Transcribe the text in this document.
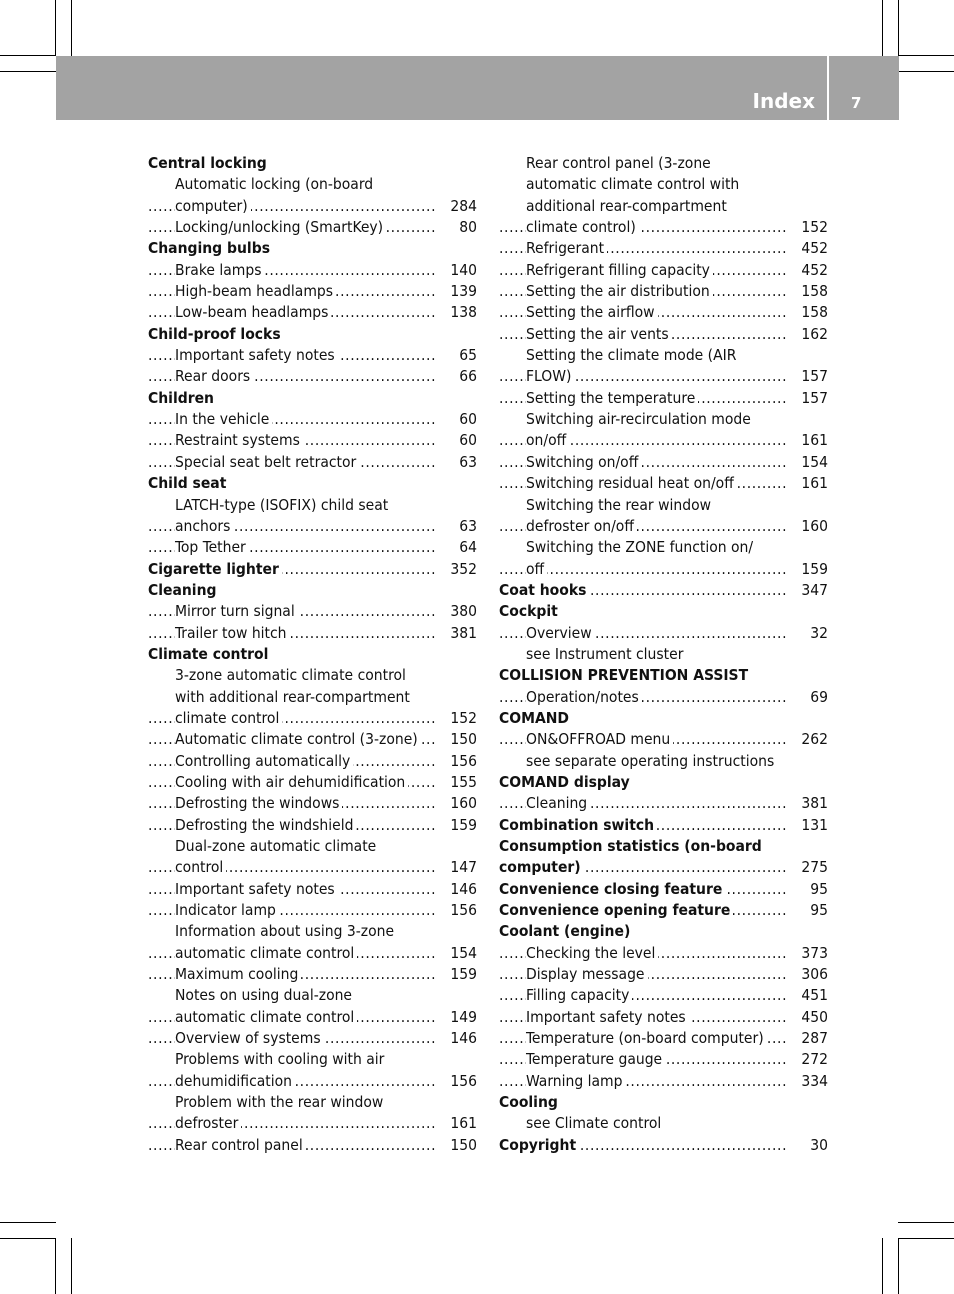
Index 7
Central locking
Automatic locking (on-board
. . . computer)	284
. . . Locking/unlocking (SmartKey)	80
Changing bulbs
. . . Brake lamps	140
. . . High-beam headlamps	139
. . . Low-beam headlamps	138
Child-proof locks
. . . Important safety notes	65
. . . Rear doors	66
Children
. . . In the vehicle	60
. . . Restraint systems	60
. . . Special seat belt retractor	63
Child seat
LATCH-type (ISOFIX) child seat
. . . anchors	63
. . . Top Tether	64
. . . Cigarette lighter	352
Cleaning
. . . Mirror turn signal	380
. . . Trailer tow hitch	381
Climate control
3-zone automatic climate control
with additional rear-compartment
. . . climate control	152
. . . Automatic climate control (3-zone)	150
. . . Controlling automatically	156
. . . Cooling with air dehumidification	155
. . . Defrosting the windows	160
. . . Defrosting the windshield	159
Dual-zone automatic climate
. . . control	147
. . . Important safety notes	146
. . . Indicator lamp	156
Information about using 3-zone
. . . automatic climate control	154
. . . Maximum cooling	159
Notes on using dual-zone
. . . automatic climate control	149
. . . Overview of systems	146
Problems with cooling with air
. . . dehumidification	156
Problem with the rear window
. . . defroster	161
. . . Rear control panel	150
Rear control panel (3-zone
automatic climate control with
additional rear-compartment
. . . climate control)	152
. . . Refrigerant	452
. . . Refrigerant filling capacity	452
. . . Setting the air distribution	158
. . . Setting the airflow	158
. . . Setting the air vents	162
Setting the climate mode (AIR
. . . FLOW)	157
. . . Setting the temperature	157
Switching air-recirculation mode
. . . on/off	161
. . . Switching on/off	154
. . . Switching residual heat on/off	161
Switching the rear window
. . . defroster on/off	160
Switching the ZONE function on/
. . . off	159
. . . Coat hooks	347
Cockpit
. . . Overview	32
see Instrument cluster
COLLISION PREVENTION ASSIST
. . . Operation/notes	69
COMAND
. . . ON&OFFROAD menu	262
see separate operating instructions
COMAND display
. . . Cleaning	381
. . . Combination switch	131
Consumption statistics (on-board
. . . computer)	275
. . . Convenience closing feature	95
. . . Convenience opening feature	95
Coolant (engine)
. . . Checking the level	373
. . . Display message	306
. . . Filling capacity	451
. . . Important safety notes	450
. . . Temperature (on-board computer)	287
. . . Temperature gauge	272
. . . Warning lamp	334
Cooling
see Climate control
. . . Copyright	30
